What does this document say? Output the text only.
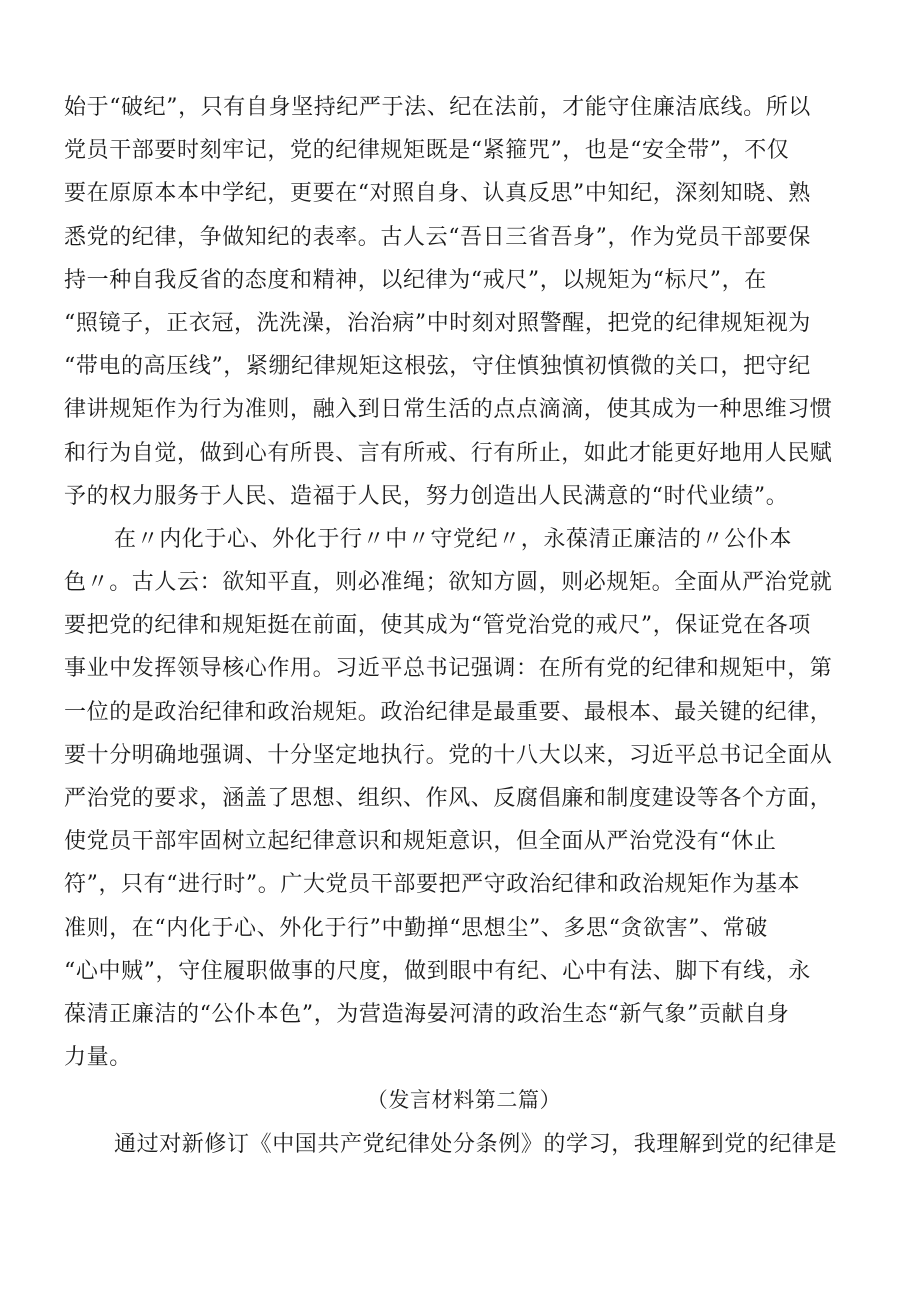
始于“破纪”，只有自身坚持纪严于法、纪在法前，才能守住廉洁底线。所以
党员干部要时刻牢记，党的纪律规矩既是“紧箍咒”，也是“安全带”，不仅
要在原原本本中学纪，更要在“对照自身、认真反思”中知纪，深刻知晓、熟
悉党的纪律，争做知纪的表率。古人云“吾日三省吾身”，作为党员干部要保
持一种自我反省的态度和精神，以纪律为“戒尺”，以规矩为“标尺”，在
“照镜子，正衣冠，洗洗澡，治治病”中时刻对照警醒，把党的纪律规矩视为
“带电的高压线”，紧绷纪律规矩这根弦，守住慎独慎初慎微的关口，把守纪
律讲规矩作为行为准则，融入到日常生活的点点滴滴，使其成为一种思维习惯
和行为自觉，做到心有所畏、言有所戒、行有所止，如此才能更好地用人民赋
予的权力服务于人民、造福于人民，努力创造出人民满意的“时代业绩”。
在〃内化于心、外化于行〃中〃守党纪〃，永葆清正廉洁的〃公仆本
色〃。古人云：欲知平直，则必准绳；欲知方圆，则必规矩。全面从严治党就
要把党的纪律和规矩挺在前面，使其成为“管党治党的戒尺”，保证党在各项
事业中发挥领导核心作用。习近平总书记强调：在所有党的纪律和规矩中，第
一位的是政治纪律和政治规矩。政治纪律是最重要、最根本、最关键的纪律，
要十分明确地强调、十分坚定地执行。党的十八大以来，习近平总书记全面从
严治党的要求，涵盖了思想、组织、作风、反腐倡廉和制度建设等各个方面，
使党员干部牢固树立起纪律意识和规矩意识，但全面从严治党没有“休止
符”，只有“进行时”。广大党员干部要把严守政治纪律和政治规矩作为基本
准则，在“内化于心、外化于行”中勤掸“思想尘”、多思“贪欲害”、常破
“心中贼”，守住履职做事的尺度，做到眼中有纪、心中有法、脚下有线，永
葆清正廉洁的“公仆本色”，为营造海晏河清的政治生态“新气象”贡献自身
力量。
（发言材料第二篇）
通过对新修订《中国共产党纪律处分条例》的学习，我理解到党的纪律是
